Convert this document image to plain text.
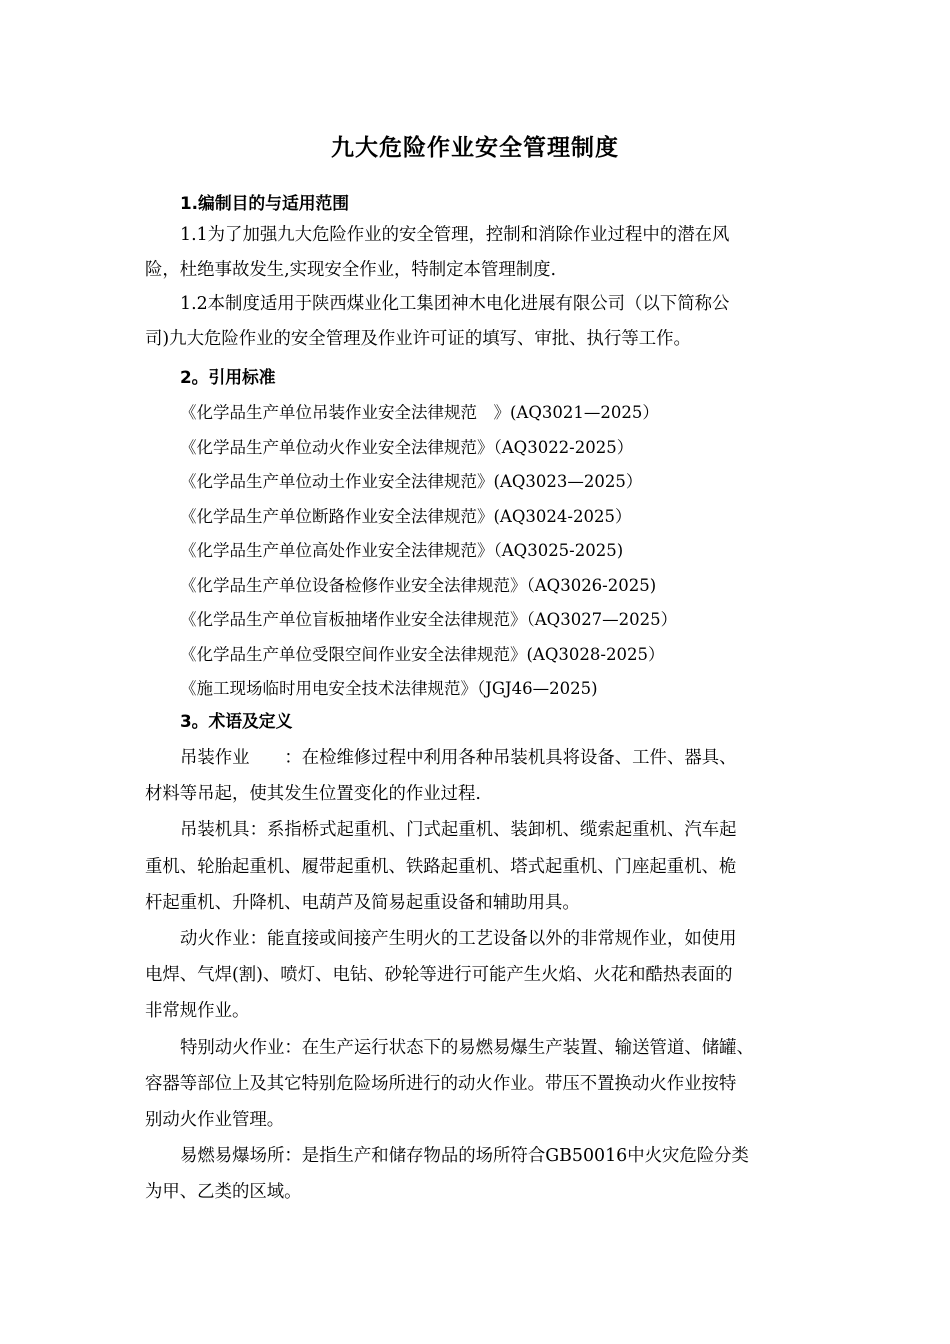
九大危险作业安全管理制度
1.编制目的与适用范围
1.1为了加强九大危险作业的安全管理，控制和消除作业过程中的潜在风
险，杜绝事故发生,实现安全作业，特制定本管理制度.
1.2本制度适用于陕西煤业化工集团神木电化进展有限公司（以下简称公
司)九大危险作业的安全管理及作业许可证的填写、审批、执行等工作。
2。引用标准
《化学品生产单位吊装作业安全法律规范　》(AQ3021—2025）
《化学品生产单位动火作业安全法律规范》（AQ3022-2025）
《化学品生产单位动土作业安全法律规范》(AQ3023—2025）
《化学品生产单位断路作业安全法律规范》(AQ3024-2025）
《化学品生产单位高处作业安全法律规范》（AQ3025-2025)
《化学品生产单位设备检修作业安全法律规范》（AQ3026-2025)
《化学品生产单位盲板抽堵作业安全法律规范》（AQ3027—2025）
《化学品生产单位受限空间作业安全法律规范》(AQ3028-2025）
《施工现场临时用电安全技术法律规范》（JGJ46—2025)
3。术语及定义
吊装作业　　：在检维修过程中利用各种吊装机具将设备、工件、器具、
材料等吊起，使其发生位置变化的作业过程.
吊装机具：系指桥式起重机、门式起重机、装卸机、缆索起重机、汽车起
重机、轮胎起重机、履带起重机、铁路起重机、塔式起重机、门座起重机、桅
杆起重机、升降机、电葫芦及简易起重设备和辅助用具。
动火作业：能直接或间接产生明火的工艺设备以外的非常规作业，如使用
电焊、气焊(割)、喷灯、电钻、砂轮等进行可能产生火焰、火花和酷热表面的
非常规作业。
特别动火作业：在生产运行状态下的易燃易爆生产装置、输送管道、储罐、
容器等部位上及其它特别危险场所进行的动火作业。带压不置换动火作业按特
别动火作业管理。
易燃易爆场所：是指生产和储存物品的场所符合GB50016中火灾危险分类
为甲、乙类的区域。
